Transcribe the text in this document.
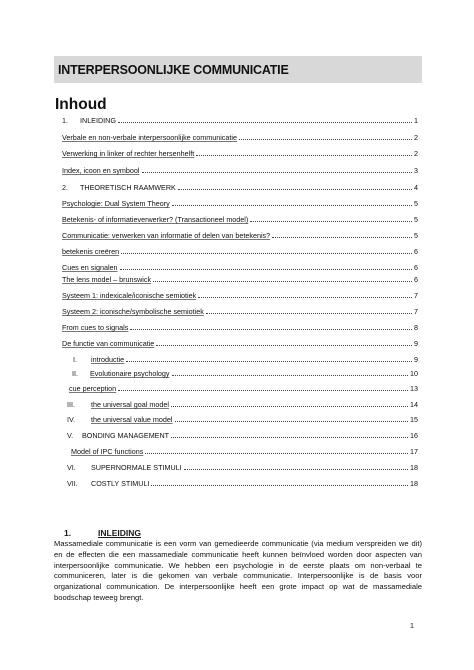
INTERPERSOONLIJKE COMMUNICATIE
Inhoud
1.	INLEIDING	1
Verbale en non-verbale interpersoonlijke communicatie	2
Verwerking in linker of rechter hersenhelft	2
Index, icoon en symbool	3
2.	THEORETISCH RAAMWERK	4
Psychologie: Dual System Theory	5
Betekenis- of informatieverwerker? (Transactioneel model)	5
Communicatie: verwerken van informatie of delen van betekenis?	5
betekenis creëren	6
Cues en signalen	6
The lens model – brunswick	6
Systeem 1: indexicale/iconische semiotiek	7
Systeem 2: iconische/symbolische semiotiek	7
From cues to signals	8
De functie van communicatie	9
I.	introductie	9
II.	Evolutionaire psychology	10
cue perception	13
III.	the universal goal model	14
IV.	the universal value model	15
V.	BONDING MANAGEMENT	16
Model of IPC functions	17
VI.	SUPERNORMALE STIMULI	18
VII.	COSTLY STIMULI	18
1.	INLEIDING
Massamediale communicatie is een vorm van gemedieerde communicatie (via medium verspreiden we dit) en de effecten die een massamediale communicatie heeft kunnen beïnvloed worden door aspecten van interpersoonlijke communicatie. We hebben een psychologie in de eerste plaats om non-verbaal te communiceren, later is die gekomen van verbale communicatie. Interpersoonlijke is de basis voor organizational communication. De interpersoonlijke heeft een grote impact op wat de massamediale boodschap teweeg brengt.
1
